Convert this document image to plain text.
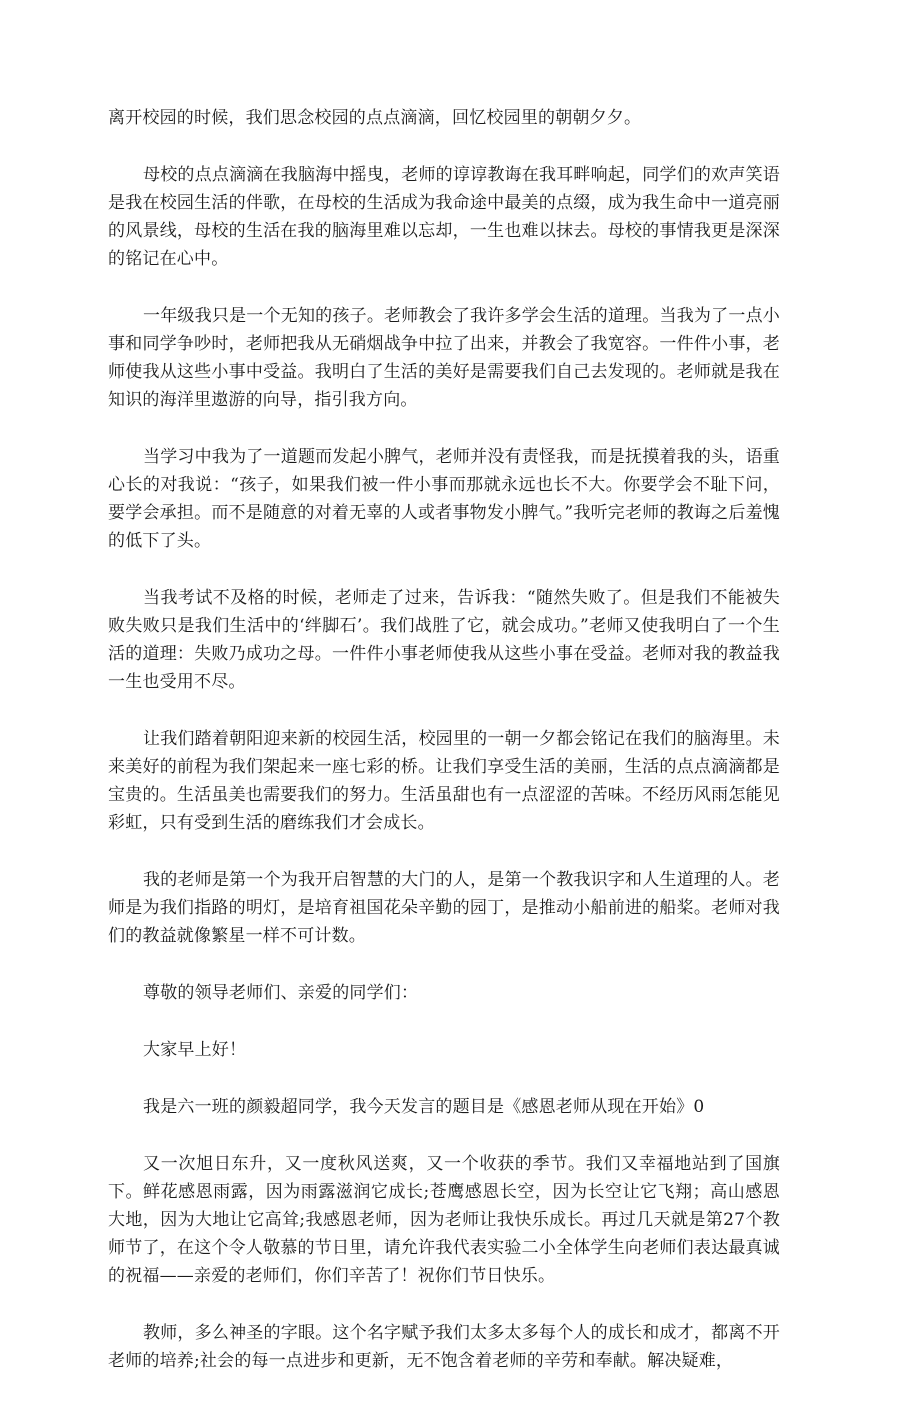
离开校园的时候，我们思念校园的点点滴滴，回忆校园里的朝朝夕夕。

母校的点点滴滴在我脑海中摇曳，老师的谆谆教诲在我耳畔响起，同学们的欢声笑语是我在校园生活的伴歌，在母校的生活成为我命途中最美的点缀，成为我生命中一道亮丽的风景线，母校的生活在我的脑海里难以忘却，一生也难以抹去。母校的事情我更是深深的铭记在心中。

一年级我只是一个无知的孩子。老师教会了我许多学会生活的道理。当我为了一点小事和同学争吵时，老师把我从无硝烟战争中拉了出来，并教会了我宽容。一件件小事，老师使我从这些小事中受益。我明白了生活的美好是需要我们自己去发现的。老师就是我在知识的海洋里遨游的向导，指引我方向。

当学习中我为了一道题而发起小脾气，老师并没有责怪我，而是抚摸着我的头，语重心长的对我说：“孩子，如果我们被一件小事而那就永远也长不大。你要学会不耻下问，要学会承担。而不是随意的对着无辜的人或者事物发小脾气。”我听完老师的教诲之后羞愧的低下了头。

当我考试不及格的时候，老师走了过来，告诉我：“随然失败了。但是我们不能被失败失败只是我们生活中的‘绊脚石’。我们战胜了它，就会成功。”老师又使我明白了一个生活的道理：失败乃成功之母。一件件小事老师使我从这些小事在受益。老师对我的教益我一生也受用不尽。

让我们踏着朝阳迎来新的校园生活，校园里的一朝一夕都会铭记在我们的脑海里。未来美好的前程为我们架起来一座七彩的桥。让我们享受生活的美丽，生活的点点滴滴都是宝贵的。生活虽美也需要我们的努力。生活虽甜也有一点涩涩的苦味。不经历风雨怎能见彩虹，只有受到生活的磨练我们才会成长。

我的老师是第一个为我开启智慧的大门的人，是第一个教我识字和人生道理的人。老师是为我们指路的明灯，是培育祖国花朵辛勤的园丁，是推动小船前进的船桨。老师对我们的教益就像繁星一样不可计数。

尊敬的领导老师们、亲爱的同学们：

大家早上好！

我是六一班的颜毅超同学，我今天发言的题目是《感恩老师从现在开始》0

又一次旭日东升，又一度秋风送爽，又一个收获的季节。我们又幸福地站到了国旗下。鲜花感恩雨露，因为雨露滋润它成长;苍鹰感恩长空，因为长空让它飞翔；高山感恩大地，因为大地让它高耸;我感恩老师，因为老师让我快乐成长。再过几天就是第27个教师节了，在这个令人敬慕的节日里，请允许我代表实验二小全体学生向老师们表达最真诚的祝福——亲爱的老师们，你们辛苦了！祝你们节日快乐。

教师，多么神圣的字眼。这个名字赋予我们太多太多每个人的成长和成才，都离不开老师的培养;社会的每一点进步和更新，无不饱含着老师的辛劳和奉献。解决疑难，
